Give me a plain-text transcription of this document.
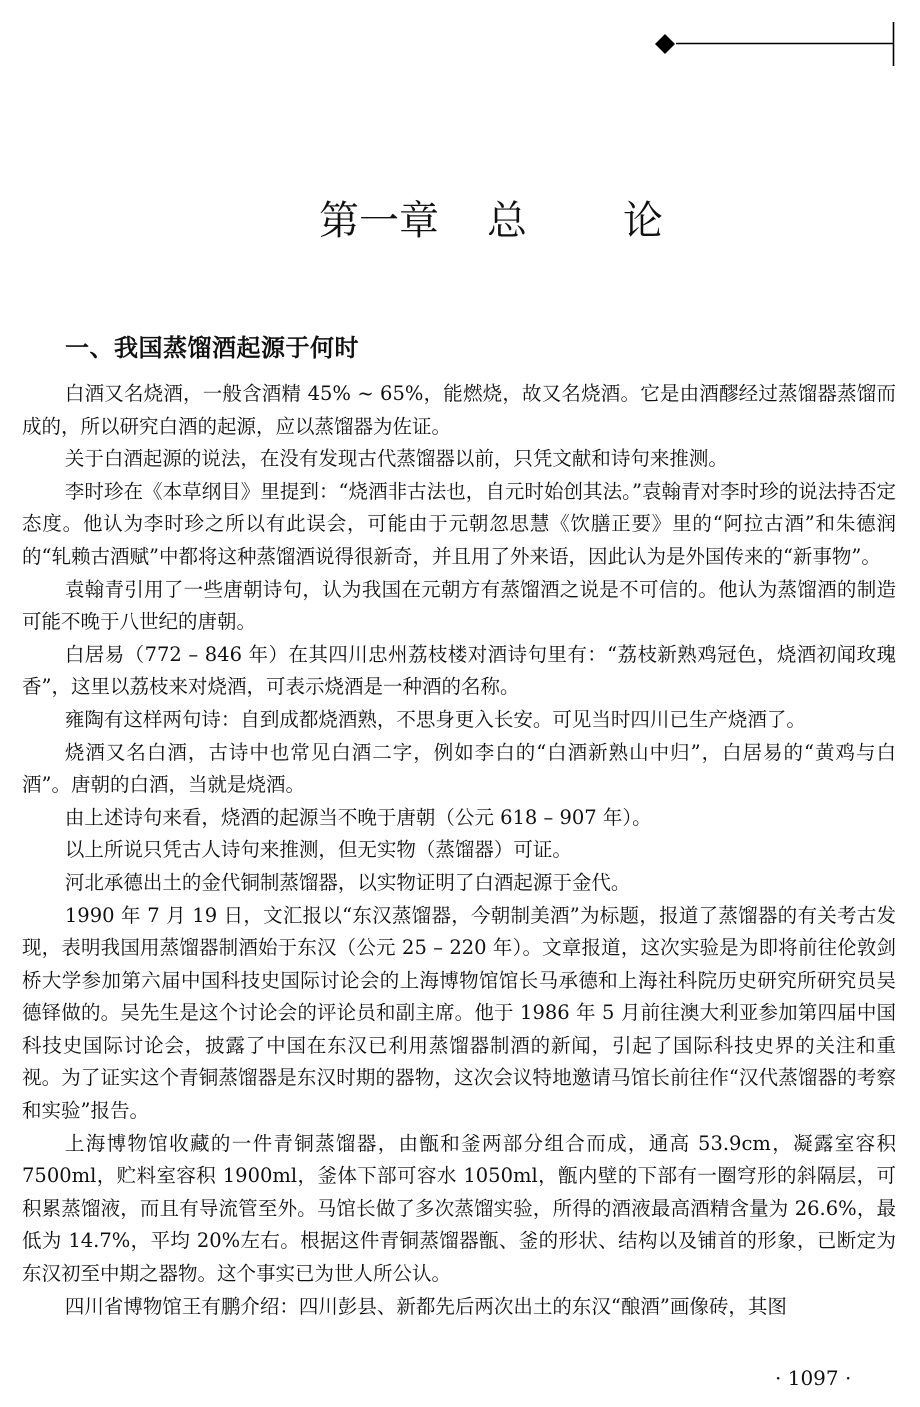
第一章 总 论
一、我国蒸馏酒起源于何时

白酒又名烧酒，一般含酒精 45% ~ 65%，能燃烧，故又名烧酒。它是由酒醪经过蒸馏器蒸馏而成的，所以研究白酒的起源，应以蒸馏器为佐证。

关于白酒起源的说法，在没有发现古代蒸馏器以前，只凭文献和诗句来推测。

李时珍在《本草纲目》里提到：“烧酒非古法也，自元时始创其法。”袁翰青对李时珍的说法持否定态度。他认为李时珍之所以有此误会，可能由于元朝忽思慧《饮膳正要》里的“阿拉古酒”和朱德润的“轧赖古酒赋”中都将这种蒸馏酒说得很新奇，并且用了外来语，因此认为是外国传来的“新事物”。

袁翰青引用了一些唐朝诗句，认为我国在元朝方有蒸馏酒之说是不可信的。他认为蒸馏酒的制造可能不晚于八世纪的唐朝。

白居易（772 – 846 年）在其四川忠州荔枝楼对酒诗句里有：“荔枝新熟鸡冠色，烧酒初闻玫瑰香”，这里以荔枝来对烧酒，可表示烧酒是一种酒的名称。

雍陶有这样两句诗：自到成都烧酒熟，不思身更入长安。可见当时四川已生产烧酒了。

烧酒又名白酒，古诗中也常见白酒二字，例如李白的“白酒新熟山中归”，白居易的“黄鸡与白酒”。唐朝的白酒，当就是烧酒。

由上述诗句来看，烧酒的起源当不晚于唐朝（公元 618 – 907 年）。

以上所说只凭古人诗句来推测，但无实物（蒸馏器）可证。

河北承德出土的金代铜制蒸馏器，以实物证明了白酒起源于金代。

1990 年 7 月 19 日，文汇报以“东汉蒸馏器，今朝制美酒”为标题，报道了蒸馏器的有关考古发现，表明我国用蒸馏器制酒始于东汉（公元 25 – 220 年）。文章报道，这次实验是为即将前往伦敦剑桥大学参加第六届中国科技史国际讨论会的上海博物馆馆长马承德和上海社科院历史研究所研究员吴德铎做的。吴先生是这个讨论会的评论员和副主席。他于 1986 年 5 月前往澳大利亚参加第四届中国科技史国际讨论会，披露了中国在东汉已利用蒸馏器制酒的新闻，引起了国际科技史界的关注和重视。为了证实这个青铜蒸馏器是东汉时期的器物，这次会议特地邀请马馆长前往作“汉代蒸馏器的考察和实验”报告。

上海博物馆收藏的一件青铜蒸馏器，由甑和釜两部分组合而成，通高 53.9cm，凝露室容积 7500ml，贮料室容积 1900ml，釜体下部可容水 1050ml，甑内壁的下部有一圈穹形的斜隔层，可积累蒸馏液，而且有导流管至外。马馆长做了多次蒸馏实验，所得的酒液最高酒精含量为 26.6%，最低为 14.7%，平均 20%左右。根据这件青铜蒸馏器甑、釜的形状、结构以及铺首的形象，已断定为东汉初至中期之器物。这个事实已为世人所公认。

四川省博物馆王有鹏介绍：四川彭县、新都先后两次出土的东汉“酿酒”画像砖，其图

· 1097 ·
